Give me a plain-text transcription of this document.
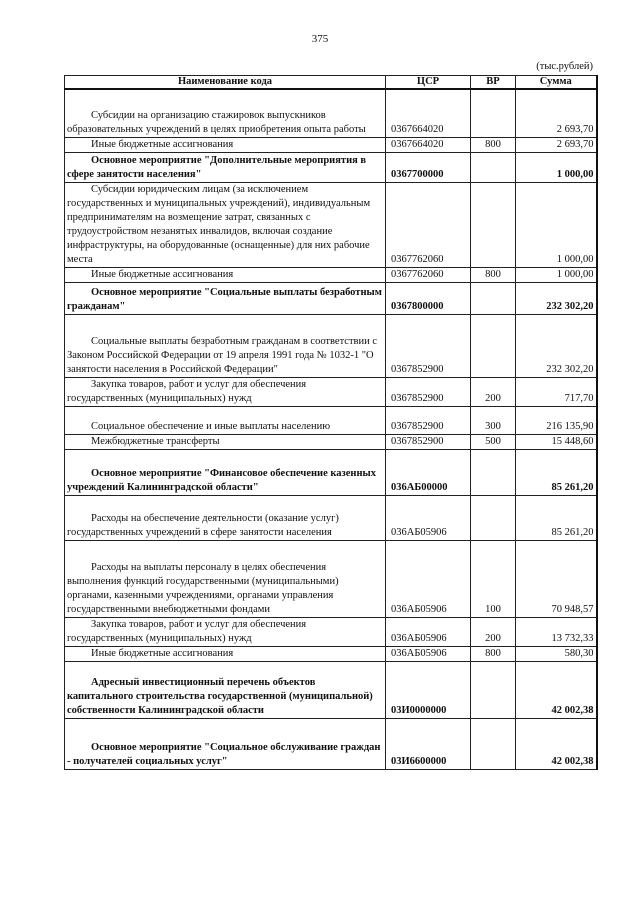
375
(тыс.рублей)
Наименование кода	ЦСР	ВР	Сумма
Субсидии на организацию стажировок выпускников образовательных учреждений в целях приобретения опыта работы	0367664020		2 693,70
Иные бюджетные ассигнования	0367664020	800	2 693,70
Основное мероприятие "Дополнительные мероприятия в сфере занятости населения"	0367700000		1 000,00
Субсидии юридическим лицам (за исключением государственных и муниципальных учреждений), индивидуальным предпринимателям на возмещение затрат, связанных с трудоустройством незанятых инвалидов, включая создание инфраструктуры, на оборудованные (оснащенные) для них рабочие места	0367762060		1 000,00
Иные бюджетные ассигнования	0367762060	800	1 000,00
Основное мероприятие "Социальные выплаты безработным гражданам"	0367800000		232 302,20
Социальные выплаты безработным гражданам в соответствии с Законом Российской Федерации от 19 апреля 1991 года № 1032-1 "О занятости населения в Российской Федерации"	0367852900		232 302,20
Закупка товаров, работ и услуг для обеспечения государственных (муниципальных) нужд	0367852900	200	717,70
Социальное обеспечение и иные выплаты населению	0367852900	300	216 135,90
Межбюджетные трансферты	0367852900	500	15 448,60
Основное мероприятие "Финансовое обеспечение казенных учреждений Калининградской области"	036АБ00000		85 261,20
Расходы на обеспечение деятельности (оказание услуг) государственных учреждений в сфере занятости населения	036АБ05906		85 261,20
Расходы на выплаты персоналу в целях обеспечения выполнения функций государственными (муниципальными) органами, казенными учреждениями, органами управления государственными внебюджетными фондами	036АБ05906	100	70 948,57
Закупка товаров, работ и услуг для обеспечения государственных (муниципальных) нужд	036АБ05906	200	13 732,33
Иные бюджетные ассигнования	036АБ05906	800	580,30
Адресный инвестиционный перечень объектов капитального строительства государственной (муниципальной) собственности Калининградской области	03И0000000		42 002,38
Основное мероприятие "Социальное обслуживание граждан - получателей социальных услуг"	03И6600000		42 002,38
